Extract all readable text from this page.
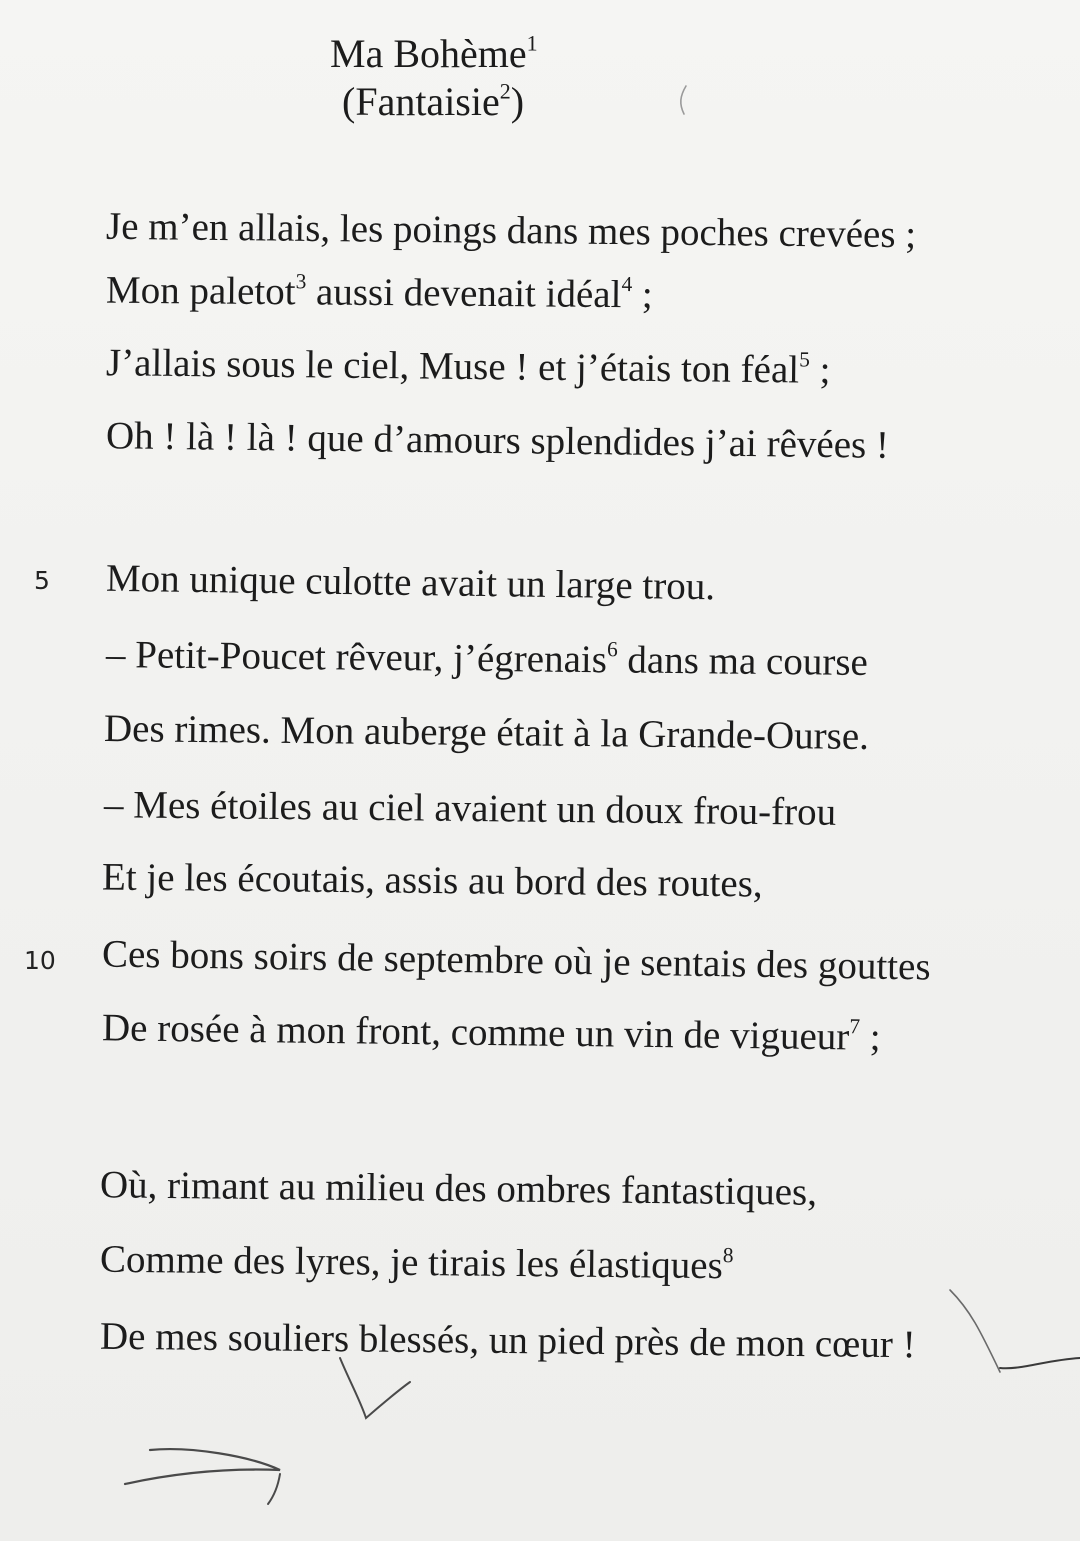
Ma Bohème$^1$
(Fantaisie$^2$)
Je m’en allais, les poings dans mes poches crevées ;
Mon paletot$^3$ aussi devenait idéal$^4$ ;
J’allais sous le ciel, Muse ! et j’étais ton féal$^5$ ;
Oh ! là ! là ! que d’amours splendides j’ai rêvées !
5 Mon unique culotte avait un large trou.
– Petit-Poucet rêveur, j’égrenais$^6$ dans ma course
Des rimes. Mon auberge était à la Grande-Ourse.
– Mes étoiles au ciel avaient un doux frou-frou
Et je les écoutais, assis au bord des routes,
10 Ces bons soirs de septembre où je sentais des gouttes
De rosée à mon front, comme un vin de vigueur$^7$ ;
Où, rimant au milieu des ombres fantastiques,
Comme des lyres, je tirais les élastiques$^8$
De mes souliers blessés, un pied près de mon cœur !
